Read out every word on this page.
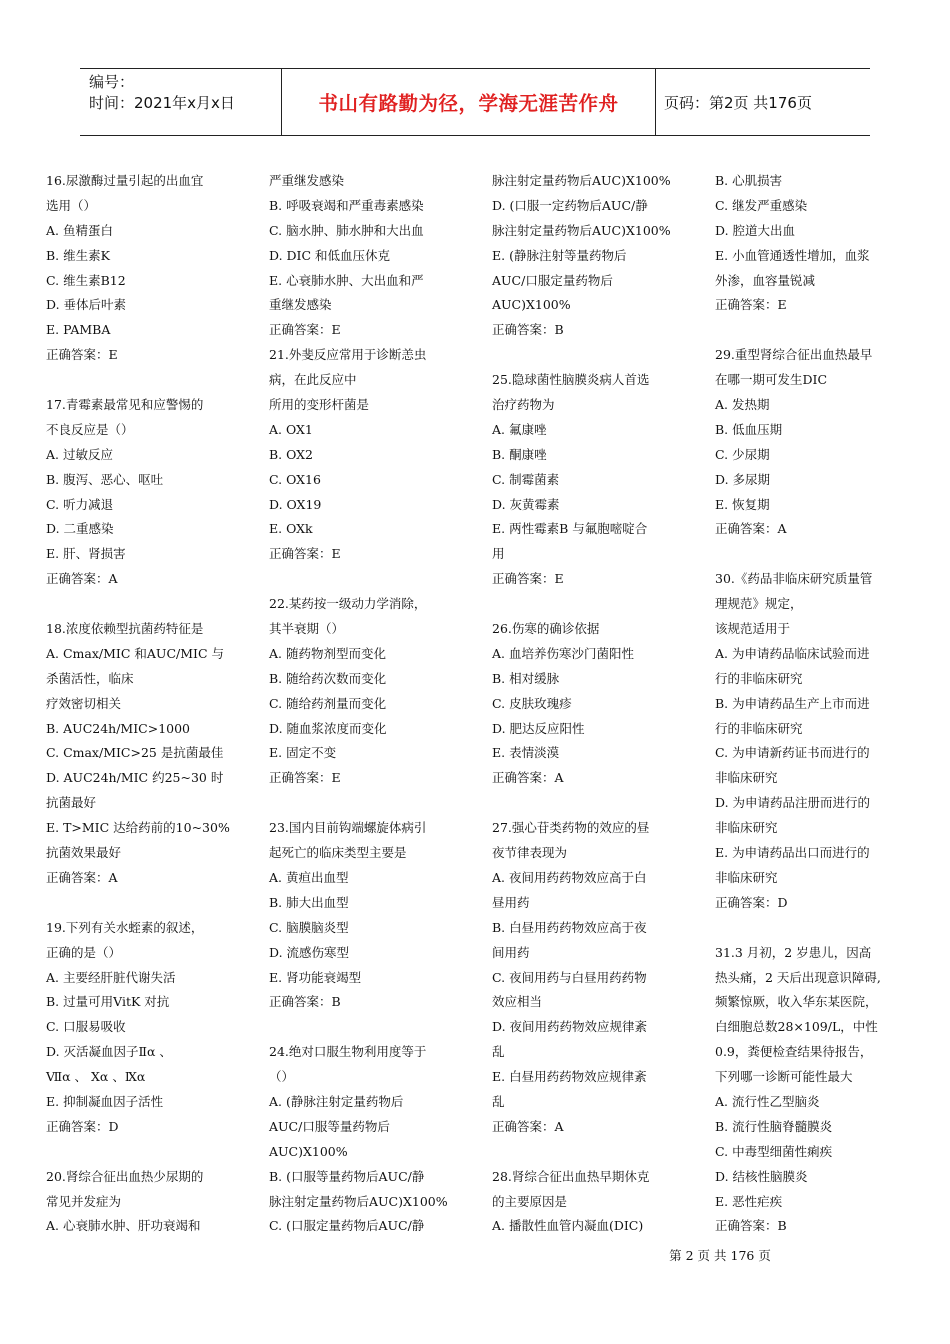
编号：
时间：2021年x月x日	书山有路勤为径，学海无涯苦作舟	页码：第2页 共176页
16.尿激酶过量引起的出血宜
选用（）
A. 鱼精蛋白
B. 维生素K
C. 维生素B12
D. 垂体后叶素
E. PAMBA
正确答案：E
17.青霉素最常见和应警惕的
不良反应是（）
A. 过敏反应
B. 腹泻、恶心、呕吐
C. 听力减退
D. 二重感染
E. 肝、肾损害
正确答案：A
18.浓度依赖型抗菌药特征是
A. Cmax/MIC 和AUC/MIC 与
杀菌活性，临床
疗效密切相关
B. AUC24h/MIC>1000
C. Cmax/MIC>25 是抗菌最佳
D. AUC24h/MIC 约25~30 时
抗菌最好
E. T>MIC 达给药前的10~30%
抗菌效果最好
正确答案：A
19.下列有关水蛭素的叙述，
正确的是（）
A. 主要经肝脏代谢失活
B. 过量可用VitK 对抗
C. 口服易吸收
D. 灭活凝血因子Ⅱα 、
Ⅶα 、 Ⅹα 、Ⅸα
E. 抑制凝血因子活性
正确答案：D
20.肾综合征出血热少尿期的
常见并发症为
A. 心衰肺水肿、肝功衰竭和
严重继发感染
B. 呼吸衰竭和严重毒素感染
C. 脑水肿、肺水肿和大出血
D. DIC 和低血压休克
E. 心衰肺水肿、大出血和严
重继发感染
正确答案：E
21.外斐反应常用于诊断恙虫
病，在此反应中
所用的变形杆菌是
A. OX1
B. OX2
C. OX16
D. OX19
E. OXk
正确答案：E
22.某药按一级动力学消除，
其半衰期（）
A. 随药物剂型而变化
B. 随给药次数而变化
C. 随给药剂量而变化
D. 随血浆浓度而变化
E. 固定不变
正确答案：E
23.国内目前钩端螺旋体病引
起死亡的临床类型主要是
A. 黄疸出血型
B. 肺大出血型
C. 脑膜脑炎型
D. 流感伤寒型
E. 肾功能衰竭型
正确答案：B
24.绝对口服生物利用度等于
（）
A. (静脉注射定量药物后
AUC/口服等量药物后
AUC)X100%
B. (口服等量药物后AUC/静
脉注射定量药物后AUC)X100%
C. (口服定量药物后AUC/静
脉注射定量药物后AUC)X100%
D. (口服一定药物后AUC/静
脉注射定量药物后AUC)X100%
E. (静脉注射等量药物后
AUC/口服定量药物后
AUC)X100%
正确答案：B
25.隐球菌性脑膜炎病人首选
治疗药物为
A. 氟康唑
B. 酮康唑
C. 制霉菌素
D. 灰黄霉素
E. 两性霉素B 与氟胞嘧啶合
用
正确答案：E
26.伤寒的确诊依据
A. 血培养伤寒沙门菌阳性
B. 相对缓脉
C. 皮肤玫瑰疹
D. 肥达反应阳性
E. 表情淡漠
正确答案：A
27.强心苷类药物的效应的昼
夜节律表现为
A. 夜间用药药物效应高于白
昼用药
B. 白昼用药药物效应高于夜
间用药
C. 夜间用药与白昼用药药物
效应相当
D. 夜间用药药物效应规律紊
乱
E. 白昼用药药物效应规律紊
乱
正确答案：A
28.肾综合征出血热早期休克
的主要原因是
A. 播散性血管内凝血(DIC)
B. 心肌损害
C. 继发严重感染
D. 腔道大出血
E. 小血管通透性增加，血浆
外渗，血容量锐减
正确答案：E
29.重型肾综合征出血热最早
在哪一期可发生DIC
A. 发热期
B. 低血压期
C. 少尿期
D. 多尿期
E. 恢复期
正确答案：A
30.《药品非临床研究质量管
理规范》规定，
该规范适用于
A. 为申请药品临床试验而进
行的非临床研究
B. 为申请药品生产上市而进
行的非临床研究
C. 为申请新药证书而进行的
非临床研究
D. 为申请药品注册而进行的
非临床研究
E. 为申请药品出口而进行的
非临床研究
正确答案：D
31.3 月初，2 岁患儿，因高
热头痛，2 天后出现意识障碍,
频繁惊厥，收入华东某医院，
白细胞总数28×109/L，中性
0.9，粪便检查结果待报告，
下列哪一诊断可能性最大
A. 流行性乙型脑炎
B. 流行性脑脊髓膜炎
C. 中毒型细菌性痢疾
D. 结核性脑膜炎
E. 恶性疟疾
正确答案：B
第 2 页 共 176 页
